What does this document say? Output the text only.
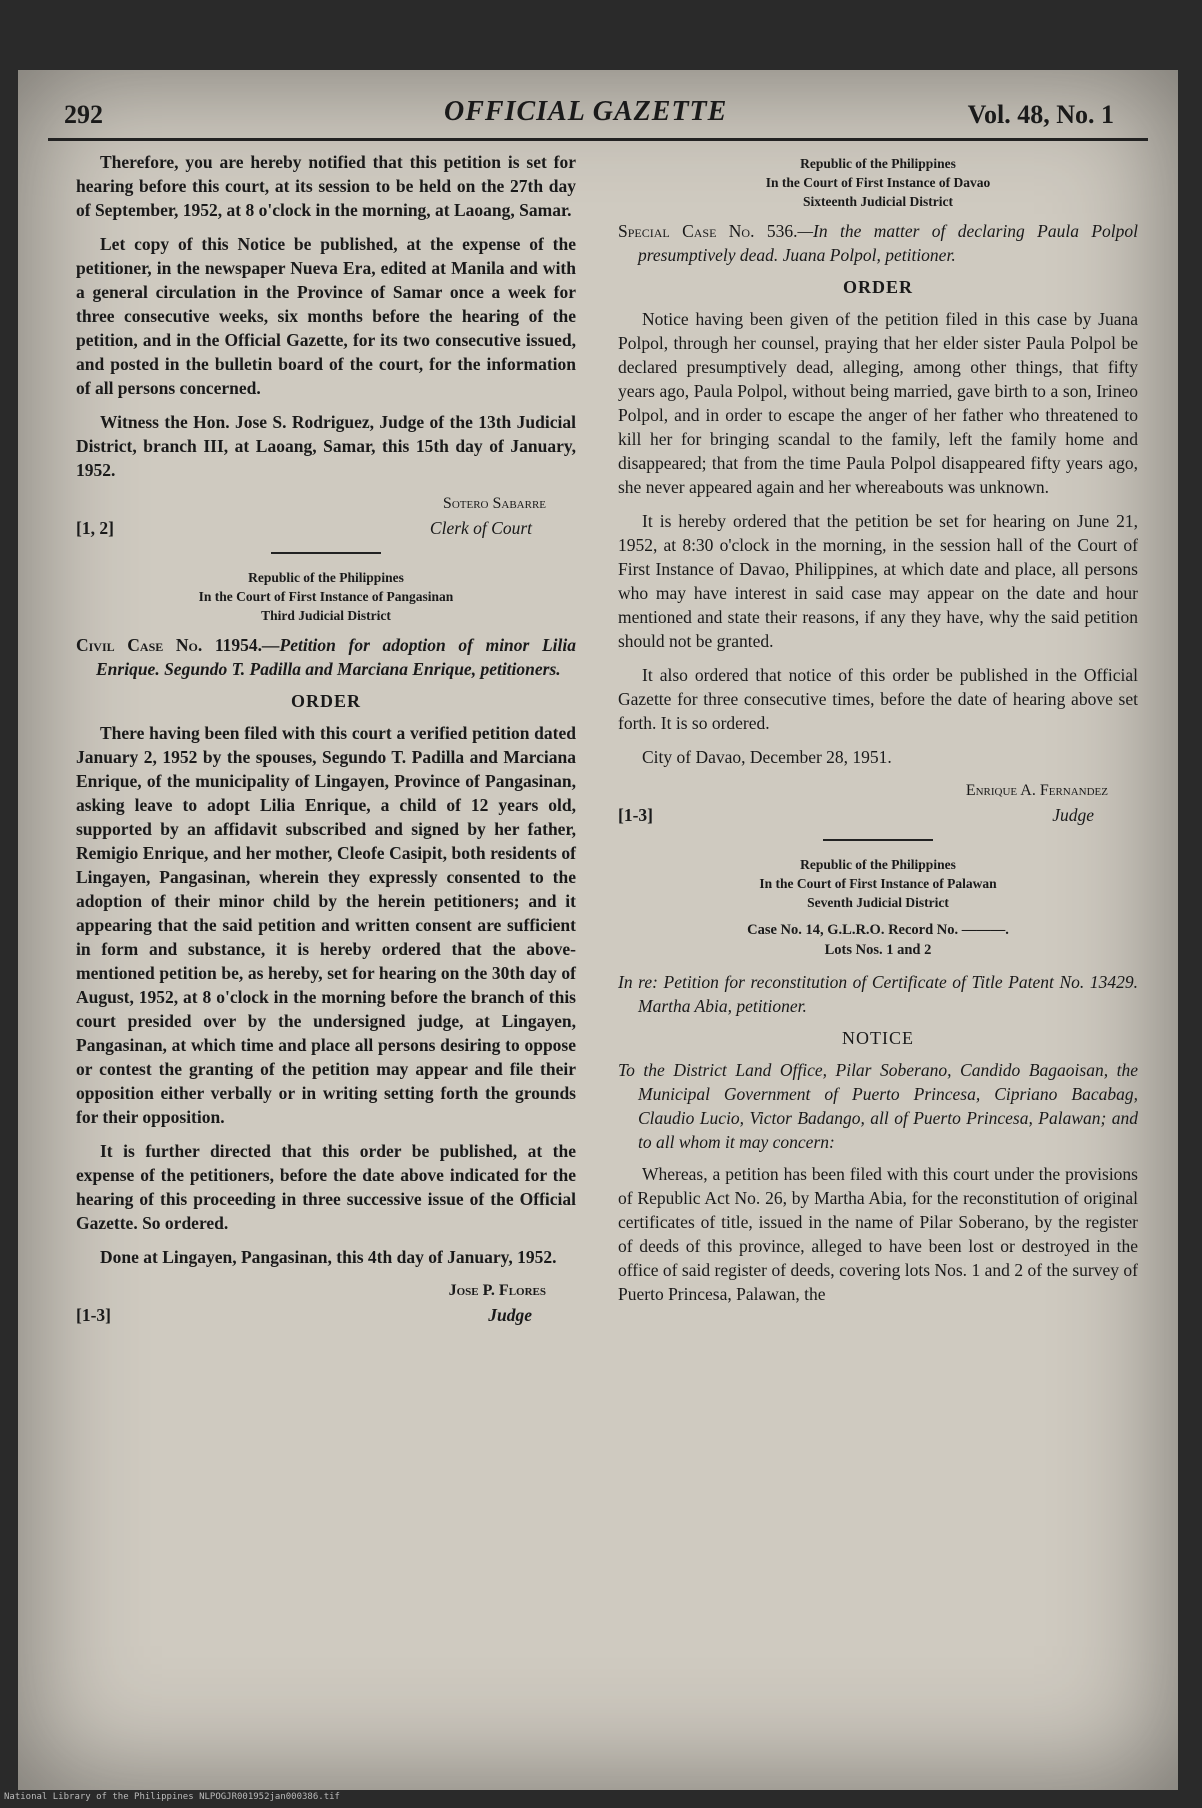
292	OFFICIAL GAZETTE	Vol. 48, No. 1

Therefore, you are hereby notified that this petition is set for hearing before this court, at its session to be held on the 27th day of September, 1952, at 8 o'clock in the morning, at Laoang, Samar.

Let copy of this Notice be published, at the expense of the petitioner, in the newspaper Nueva Era, edited at Manila and with a general circulation in the Province of Samar once a week for three consecutive weeks, six months before the hearing of the petition, and in the Official Gazette, for its two consecutive issued, and posted in the bulletin board of the court, for the information of all persons concerned.

Witness the Hon. Jose S. Rodriguez, Judge of the 13th Judicial District, branch III, at Laoang, Samar, this 15th day of January, 1952.

Sotero Sabarre
Clerk of Court
[1, 2]
Republic of the Philippines
In the Court of First Instance of Pangasinan
Third Judicial District
Civil Case No. 11954.—Petition for adoption of minor Lilia Enrique. Segundo T. Padilla and Marciana Enrique, petitioners.
ORDER

There having been filed with this court a verified petition dated January 2, 1952 by the spouses, Segundo T. Padilla and Marciana Enrique, of the municipality of Lingayen, Province of Pangasinan, asking leave to adopt Lilia Enrique, a child of 12 years old, supported by an affidavit subscribed and signed by her father, Remigio Enrique, and her mother, Cleofe Casipit, both residents of Lingayen, Pangasinan, wherein they expressly consented to the adoption of their minor child by the herein petitioners; and it appearing that the said petition and written consent are sufficient in form and substance, it is hereby ordered that the above-mentioned petition be, as hereby, set for hearing on the 30th day of August, 1952, at 8 o'clock in the morning before the branch of this court presided over by the undersigned judge, at Lingayen, Pangasinan, at which time and place all persons desiring to oppose or contest the granting of the petition may appear and file their opposition either verbally or in writing setting forth the grounds for their opposition.

It is further directed that this order be published, at the expense of the petitioners, before the date above indicated for the hearing of this proceeding in three successive issue of the Official Gazette. So ordered.

Done at Lingayen, Pangasinan, this 4th day of January, 1952.

Jose P. Flores
Judge
[1-3]
Republic of the Philippines
In the Court of First Instance of Davao
Sixteenth Judicial District
Special Case No. 536.—In the matter of declaring Paula Polpol presumptively dead. Juana Polpol, petitioner.
ORDER

Notice having been given of the petition filed in this case by Juana Polpol, through her counsel, praying that her elder sister Paula Polpol be declared presumptively dead, alleging, among other things, that fifty years ago, Paula Polpol, without being married, gave birth to a son, Irineo Polpol, and in order to escape the anger of her father who threatened to kill her for bringing scandal to the family, left the family home and disappeared; that from the time Paula Polpol disappeared fifty years ago, she never appeared again and her whereabouts was unknown.

It is hereby ordered that the petition be set for hearing on June 21, 1952, at 8:30 o'clock in the morning, in the session hall of the Court of First Instance of Davao, Philippines, at which date and place, all persons who may have interest in said case may appear on the date and hour mentioned and state their reasons, if any they have, why the said petition should not be granted.

It also ordered that notice of this order be published in the Official Gazette for three consecutive times, before the date of hearing above set forth. It is so ordered.

City of Davao, December 28, 1951.

Enrique A. Fernandez
Judge
[1-3]
Republic of the Philippines
In the Court of First Instance of Palawan
Seventh Judicial District
Case No. 14, G.L.R.O. Record No. ———.
Lots Nos. 1 and 2
In re: Petition for reconstitution of Certificate of Title Patent No. 13429. Martha Abia, petitioner.
NOTICE
To the District Land Office, Pilar Soberano, Candido Bagaoisan, the Municipal Government of Puerto Princesa, Cipriano Bacabag, Claudio Lucio, Victor Badango, all of Puerto Princesa, Palawan; and to all whom it may concern:

Whereas, a petition has been filed with this court under the provisions of Republic Act No. 26, by Martha Abia, for the reconstitution of original certificates of title, issued in the name of Pilar Soberano, by the register of deeds of this province, alleged to have been lost or destroyed in the office of said register of deeds, covering lots Nos. 1 and 2 of the survey of Puerto Princesa, Palawan, the

National Library of the Philippines NLPOGJR001952jan000386.tif
